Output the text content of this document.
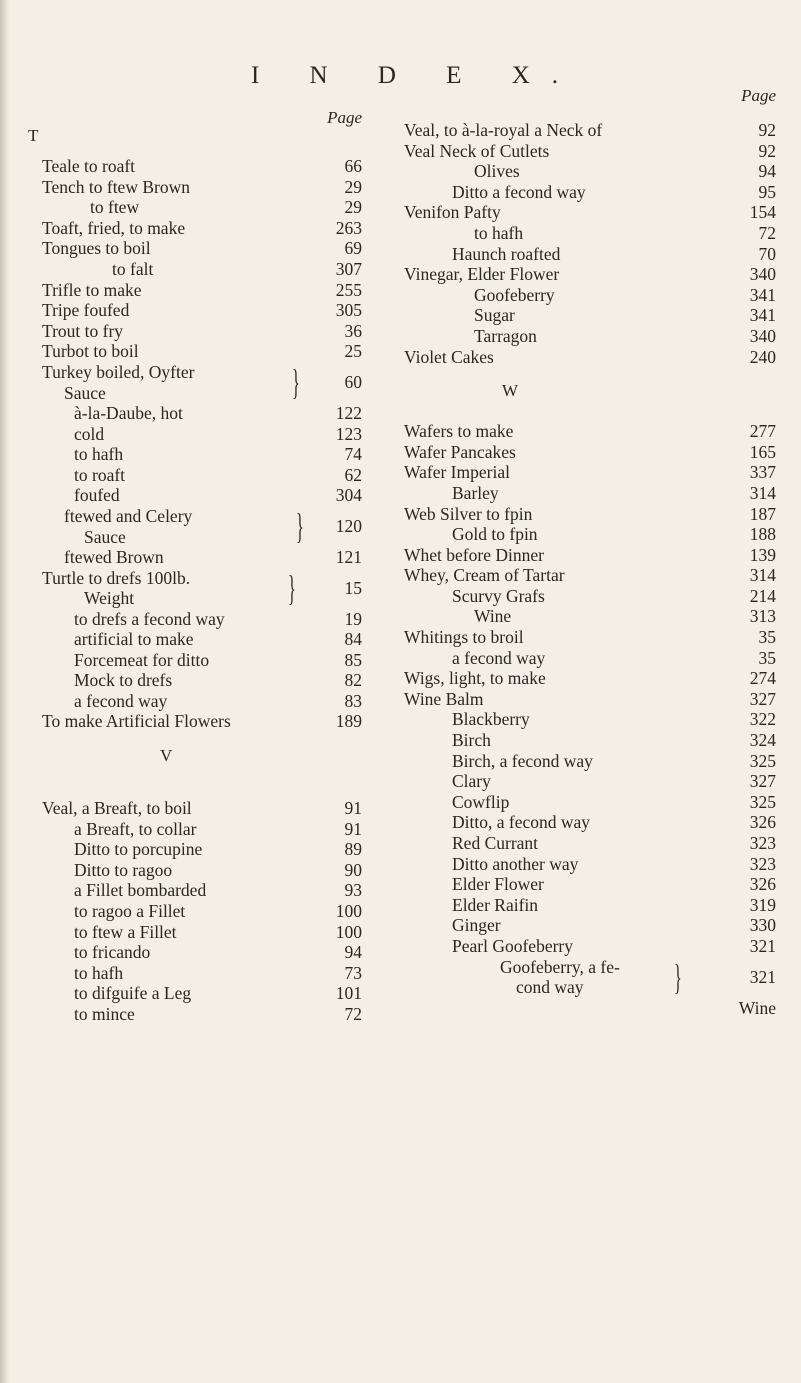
I N D E X.
T
Page
Teale to roaft	66
Tench to ftew Brown	29
to ftew	29
Toaft, fried, to make	263
Tongues to boil	69
to falt	307
Trifle to make	255
Tripe foufed	305
Trout to fry	36
Turbot to boil	25
Turkey boiled, Oyfter
Sauce	}	60
à-la-Daube, hot	122
cold	123
to hafh	74
to roaft	62
foufed	304
ftewed and Celery
Sauce	} 120
ftewed Brown	121
Turtle to drefs 100lb.
Weight	}	15
to drefs a fecond way	19
artificial to make	84
Forcemeat for ditto	85
Mock to drefs	82
a fecond way	83
To make Artificial Flowers	189
V
Veal, a Breaft, to boil	91
a Breaft, to collar	91
Ditto to porcupine	89
Ditto to ragoo	90
a Fillet bombarded	93
to ragoo a Fillet	100
to ftew a Fillet	100
to fricando	94
to hafh	73
to difguife a Leg	101
to mince	72
Page
Veal, to à-la-royal a Neck of	92
Veal Neck of Cutlets	92
Olives	94
Ditto a fecond way	95
Venifon Pafty	154
to hafh	72
Haunch roafted	70
Vinegar, Elder Flower	340
Goofeberry	341
Sugar	341
Tarragon	340
Violet Cakes	240
W
Wafers to make	277
Wafer Pancakes	165
Wafer Imperial	337
Barley	314
Web Silver to fpin	187
Gold to fpin	188
Whet before Dinner	139
Whey, Cream of Tartar	314
Scurvy Grafs	214
Wine	313
Whitings to broil	35
a fecond way	35
Wigs, light, to make	274
Wine Balm	327
Blackberry	322
Birch	324
Birch, a fecond way	325
Clary	327
Cowflip	325
Ditto, a fecond way	326
Red Currant	323
Ditto another way	323
Elder Flower	326
Elder Raifin	319
Ginger	330
Pearl Goofeberry	321
Goofeberry, a fe-
cond way	}	321
Wine
